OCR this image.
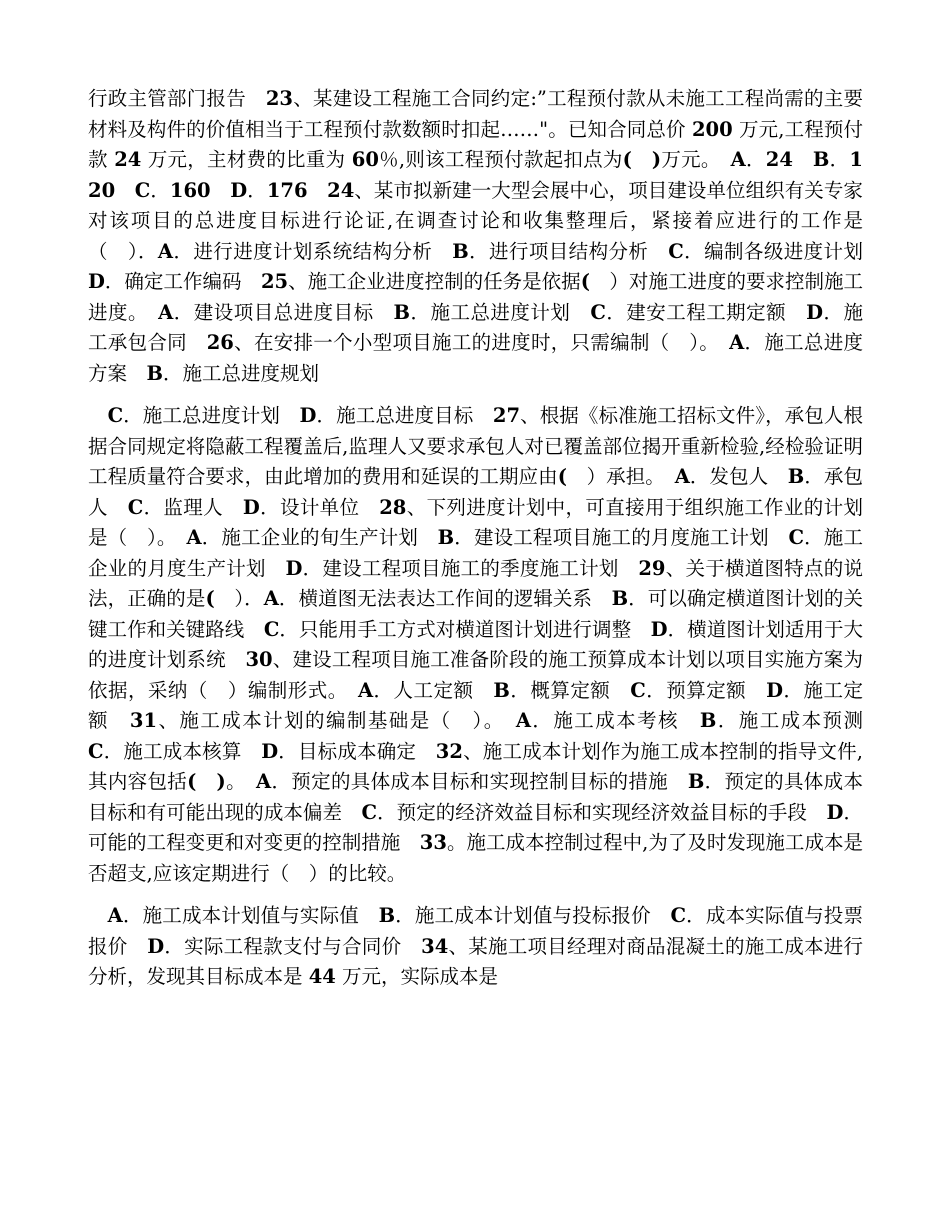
行政主管部门报告　23、某建设工程施工合同约定:”工程预付款从未施工工程尚需的主要材料及构件的价值相当于工程预付款数额时扣起……"。已知合同总价 200 万元,工程预付款 24 万元，主材费的比重为 60％,则该工程预付款起扣点为(　 )万元。　A．24　 B．120　 C．160　 D．176　 24、某市拟新建一大型会展中心，项目建设单位组织有关专家对该项目的总进度目标进行论证,在调查讨论和收集整理后，紧接着应进行的工作是（　）．A．进行进度计划系统结构分析　B．进行项目结构分析　C．编制各级进度计划　D．确定工作编码　25、施工企业进度控制的任务是依据(　）对施工进度的要求控制施工进度。　A．建设项目总进度目标　B．施工总进度计划　C．建安工程工期定额　D．施工承包合同　26、在安排一个小型项目施工的进度时，只需编制（　）。　A．施工总进度方案　B．施工总进度规划

　C．施工总进度计划　D．施工总进度目标　27、根据《标准施工招标文件》，承包人根据合同规定将隐蔽工程覆盖后,监理人又要求承包人对已覆盖部位揭开重新检验,经检验证明工程质量符合要求，由此增加的费用和延误的工期应由(　）承担。　A．发包人　B．承包人　C．监理人　D．设计单位　28、下列进度计划中，可直接用于组织施工作业的计划是（　）。　A．施工企业的旬生产计划　B．建设工程项目施工的月度施工计划　C．施工企业的月度生产计划　D．建设工程项目施工的季度施工计划　29、关于横道图特点的说法，正确的是(　）．A．横道图无法表达工作间的逻辑关系　B．可以确定横道图计划的关键工作和关键路线　C．只能用手工方式对横道图计划进行调整　D．横道图计划适用于大的进度计划系统　30、建设工程项目施工准备阶段的施工预算成本计划以项目实施方案为依据，采纳（　）编制形式。　A．人工定额　B．概算定额　C．预算定额　D．施工定额　31、施工成本计划的编制基础是（　）。　A．施工成本考核　B．施工成本预测　C．施工成本核算　D．目标成本确定　32、施工成本计划作为施工成本控制的指导文件,其内容包括(　 )。　A．预定的具体成本目标和实现控制目标的措施　B．预定的具体成本目标和有可能出现的成本偏差　C．预定的经济效益目标和实现经济效益目标的手段　D．可能的工程变更和对变更的控制措施　33。施工成本控制过程中,为了及时发现施工成本是否超支,应该定期进行（　）的比较。

　A．施工成本计划值与实际值　B．施工成本计划值与投标报价　C．成本实际值与投票报价　D．实际工程款支付与合同价　34、某施工项目经理对商品混凝土的施工成本进行分析，发现其目标成本是 44 万元，实际成本是
